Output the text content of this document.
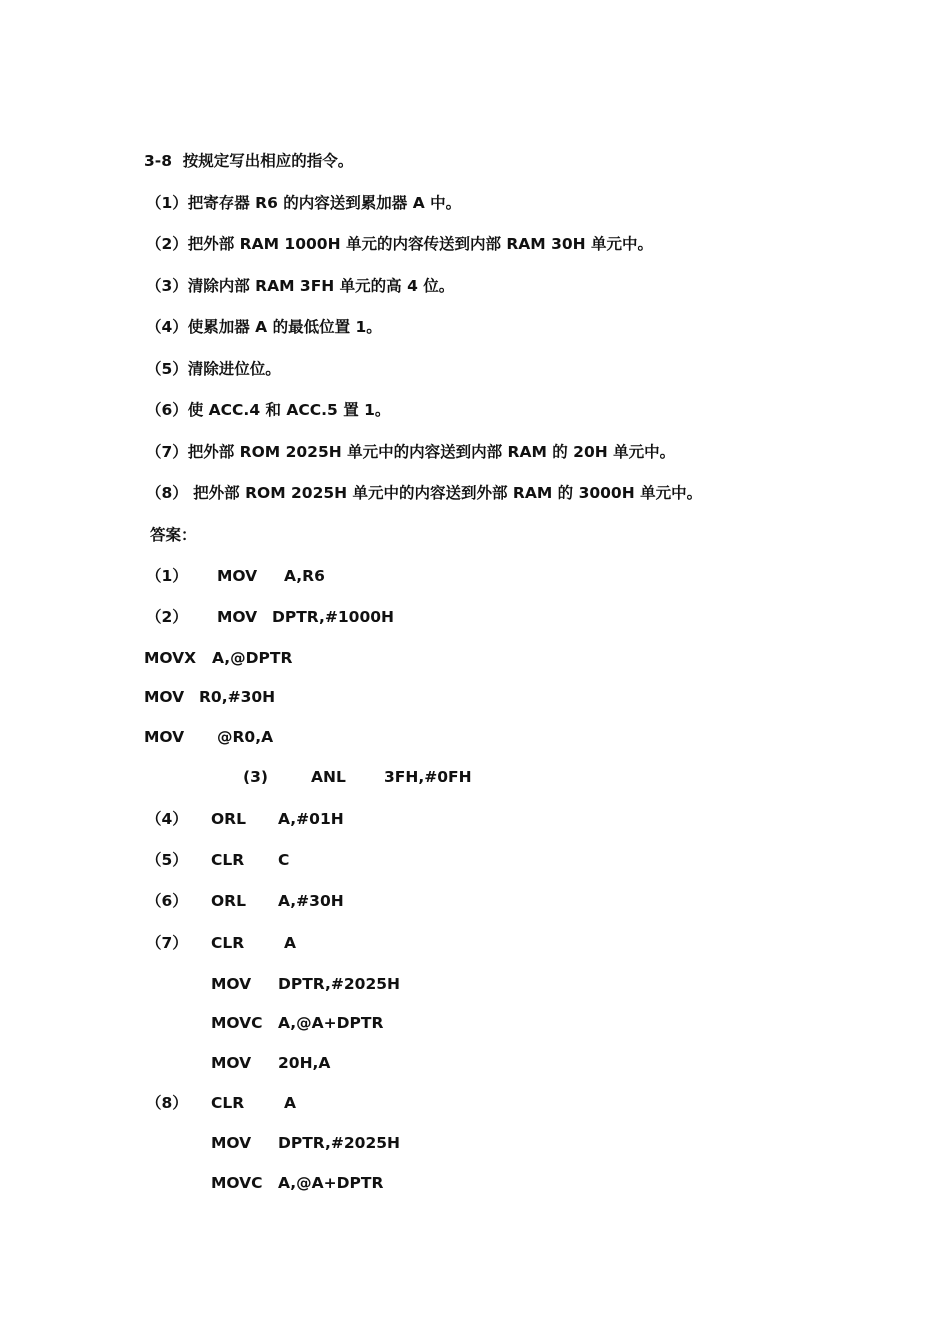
3-8  按规定写出相应的指令。
（1）把寄存器 R6 的内容送到累加器 A 中。
（2）把外部 RAM 1000H 单元的内容传送到内部 RAM 30H 单元中。
（3）清除内部 RAM 3FH 单元的高 4 位。
（4）使累加器 A 的最低位置 1。
（5）清除进位位。
（6）使 ACC.4 和 ACC.5 置 1。
（7）把外部 ROM 2025H 单元中的内容送到内部 RAM 的 20H 单元中。
（8） 把外部 ROM 2025H 单元中的内容送到外部 RAM 的 3000H 单元中。
答案：
（1） MOV A,R6
（2） MOV DPTR,#1000H
MOVX A,@DPTR
MOV R0,#30H
MOV @R0,A
(3)	ANL 3FH,#0FH
（4） ORL A,#01H
（5） CLR C
（6） ORL A,#30H
（7） CLR	A
MOV DPTR,#2025H
MOVC A,@A+DPTR
MOV 20H,A
（8） CLR	A
MOV DPTR,#2025H
MOVC A,@A+DPTR
